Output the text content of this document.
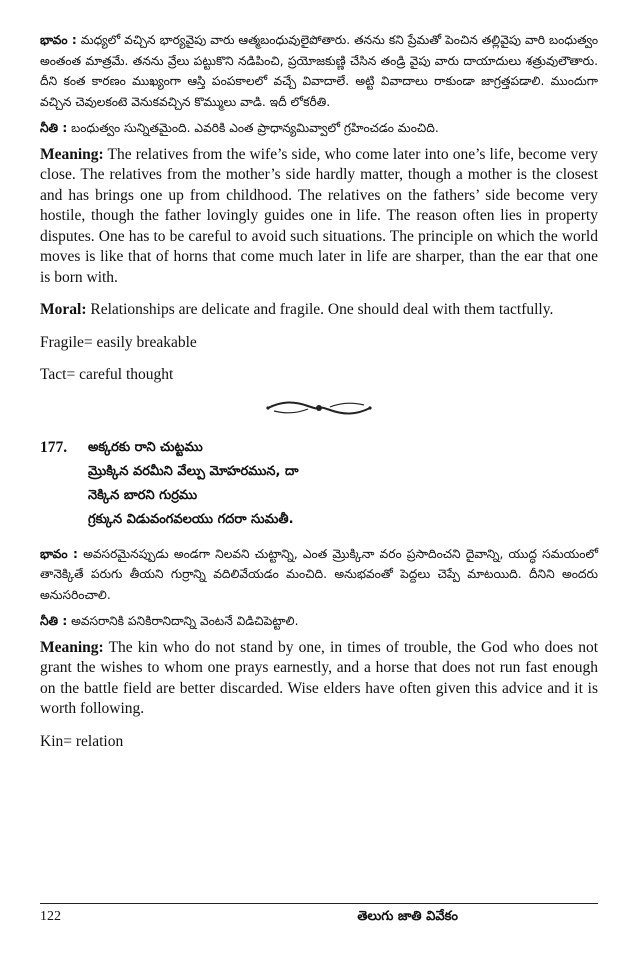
భావం : మధ్యలో వచ్చిన భార్యవైపు వారు ఆత్మబంధువులైపోతారు. తనను కని ప్రేమతో పెంచిన తల్లివైపు వారి బంధుత్వం అంతంత మాత్రమే. తనను వ్రేలు పట్టుకొని నడిపించి, ప్రయోజకుణ్ణి చేసిన తండ్రి వైపు వారు దాయాదులు శత్రువులౌతారు. దీని కంత కారణం ముఖ్యంగా ఆస్తి పంపకాలలో వచ్చే వివాదాలే. అట్టి వివాదాలు రాకుండా జాగ్రత్తపడాలి. ముందుగా వచ్చిన చెవులకంటె వెనుకవచ్చిన కొమ్ములు వాడి. ఇదీ లోకరీతి.

నీతి : బంధుత్వం సున్నితమైంది. ఎవరికి ఎంత ప్రాధాన్యమివ్వాలో గ్రహించడం మంచిది.

Meaning: The relatives from the wife’s side, who come later into one’s life, become very close. The relatives from the mother’s side hardly matter, though a mother is the closest and has brings one up from childhood. The relatives on the fathers’ side become very hostile, though the father lovingly guides one in life. The reason often lies in property disputes. One has to be careful to avoid such situations. The principle on which the world moves is like that of horns that come much later in life are sharper, than the ear that one is born with.

Moral: Relationships are delicate and fragile. One should deal with them tactfully.

Fragile= easily breakable

Tact= careful thought

177.	అక్కరకు రాని చుట్టము
మ్రొక్కిన వరమీని వేల్పు మోహరమున, దా
నెక్కిన బారని గుర్రము
గ్రక్కున విడువంగవలయు గదరా సుమతీ.

భావం : అవసరమైనప్పుడు అండగా నిలవని చుట్టాన్ని, ఎంత మ్రొక్కినా వరం ప్రసాదించని దైవాన్ని, యుద్ధ సమయంలో తానెక్కితే పరుగు తీయని గుర్రాన్ని వదిలివేయడం మంచిది. అనుభవంతో పెద్దలు చెప్పే మాటయిది. దీనిని అందరు అనుసరించాలి.

నీతి : అవసరానికి పనికిరానిదాన్ని వెంటనే విడిచిపెట్టాలి.

Meaning: The kin who do not stand by one, in times of trouble, the God who does not grant the wishes to whom one prays earnestly, and a horse that does not run fast enough on the battle field are better discarded. Wise elders have often given this advice and it is worth following.

Kin= relation

122	తెలుగు జాతి వివేకం
